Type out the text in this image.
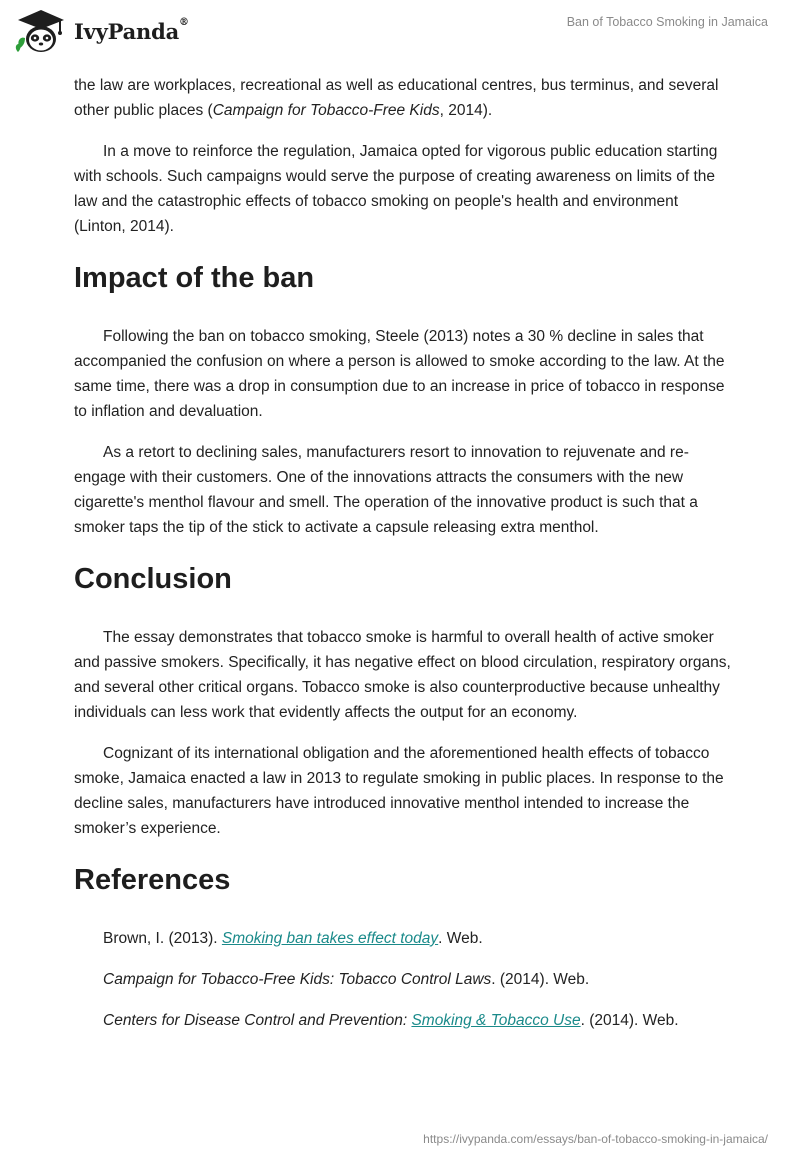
IvyPanda®	Ban of Tobacco Smoking in Jamaica

the law are workplaces, recreational as well as educational centres, bus terminus, and several other public places (Campaign for Tobacco-Free Kids, 2014).

In a move to reinforce the regulation, Jamaica opted for vigorous public education starting with schools. Such campaigns would serve the purpose of creating awareness on limits of the law and the catastrophic effects of tobacco smoking on people's health and environment (Linton, 2014).

Impact of the ban

Following the ban on tobacco smoking, Steele (2013) notes a 30 % decline in sales that accompanied the confusion on where a person is allowed to smoke according to the law. At the same time, there was a drop in consumption due to an increase in price of tobacco in response to inflation and devaluation.

As a retort to declining sales, manufacturers resort to innovation to rejuvenate and re-engage with their customers. One of the innovations attracts the consumers with the new cigarette's menthol flavour and smell. The operation of the innovative product is such that a smoker taps the tip of the stick to activate a capsule releasing extra menthol.

Conclusion

The essay demonstrates that tobacco smoke is harmful to overall health of active smoker and passive smokers. Specifically, it has negative effect on blood circulation, respiratory organs, and several other critical organs. Tobacco smoke is also counterproductive because unhealthy individuals can less work that evidently affects the output for an economy.

Cognizant of its international obligation and the aforementioned health effects of tobacco smoke, Jamaica enacted a law in 2013 to regulate smoking in public places. In response to the decline sales, manufacturers have introduced innovative menthol intended to increase the smoker’s experience.

References
Brown, I. (2013). Smoking ban takes effect today. Web.
Campaign for Tobacco-Free Kids: Tobacco Control Laws. (2014). Web.
Centers for Disease Control and Prevention: Smoking & Tobacco Use. (2014). Web.
https://ivypanda.com/essays/ban-of-tobacco-smoking-in-jamaica/
